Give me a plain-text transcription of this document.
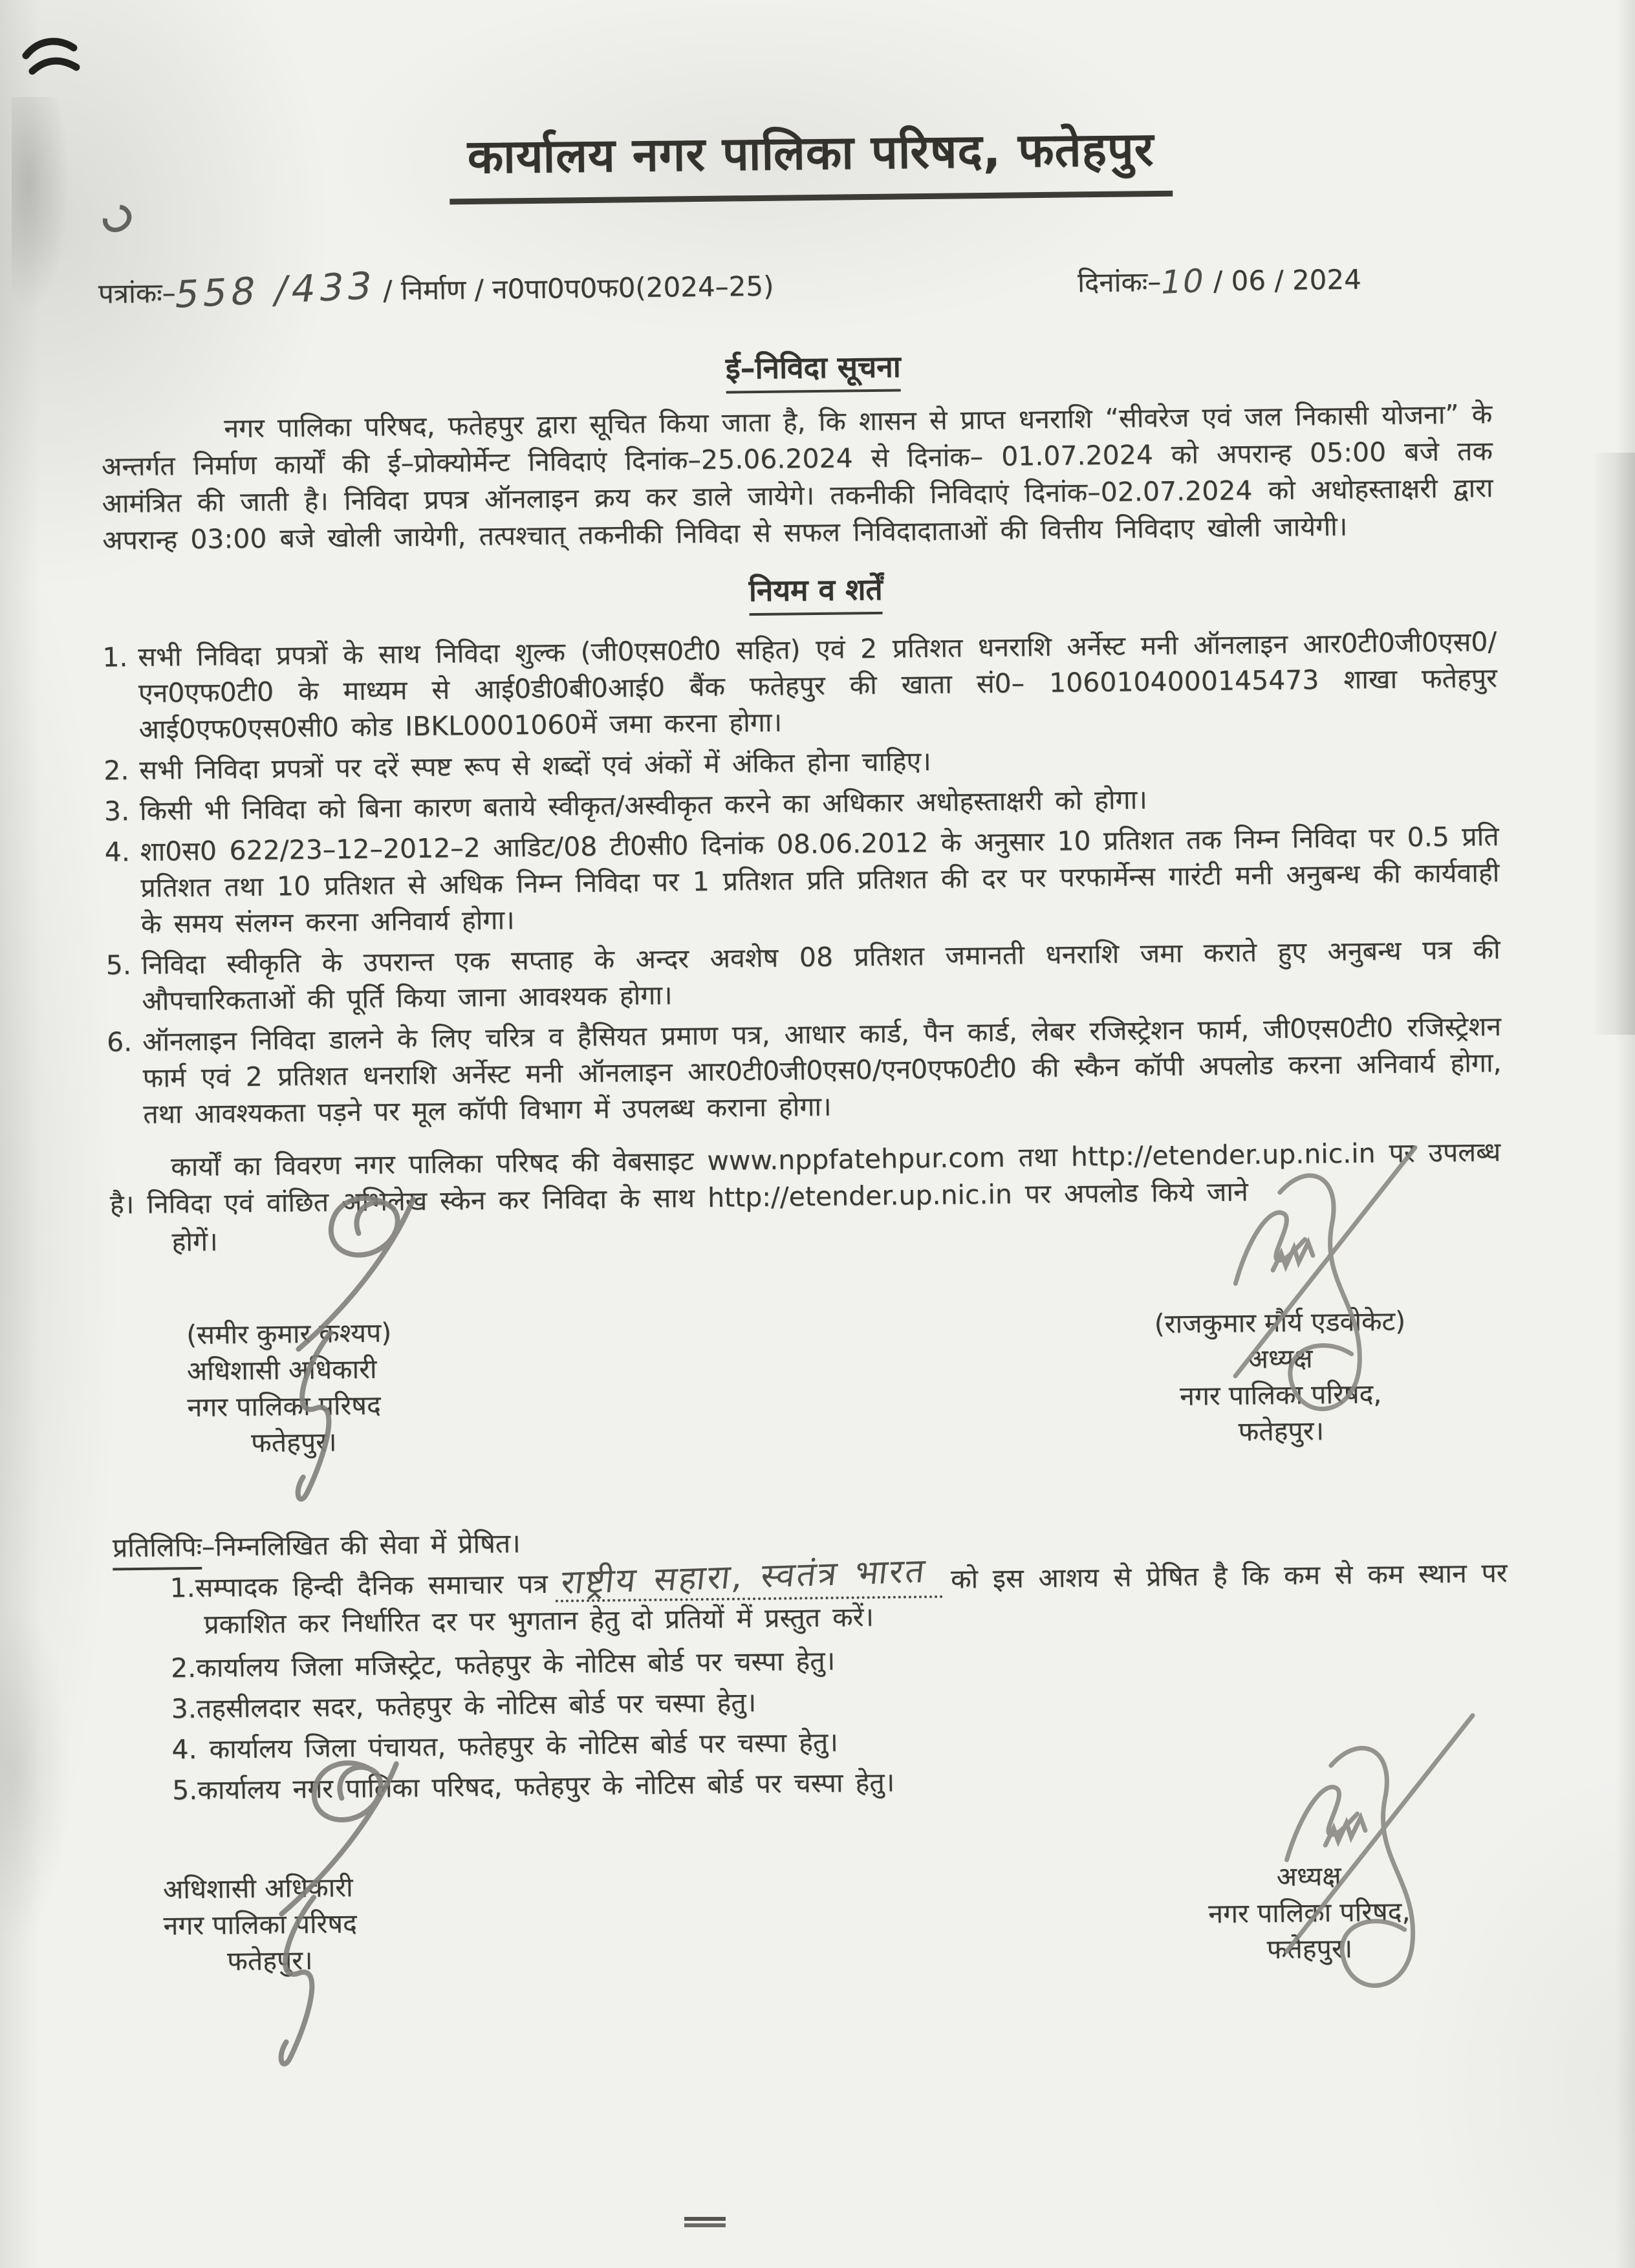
कार्यालय नगर पालिका परिषद, फतेहपुर
पत्रांकः–558 /433 / निर्माण / न0पा0प0फ0(2024–25)	दिनांकः–10 / 06 / 2024
ई–निविदा सूचना

नगर पालिका परिषद, फतेहपुर द्वारा सूचित किया जाता है, कि शासन से प्राप्त धनराशि “सीवरेज एवं जल निकासी योजना” के अन्तर्गत निर्माण कार्यों की ई–प्रोक्योर्मेन्ट निविदाएं दिनांक–25.06.2024 से दिनांक– 01.07.2024 को अपरान्ह 05:00 बजे तक आमंत्रित की जाती है। निविदा प्रपत्र ऑनलाइन क्रय कर डाले जायेगे। तकनीकी निविदाएं दिनांक–02.07.2024 को अधोहस्ताक्षरी द्वारा अपरान्ह 03:00 बजे खोली जायेगी, तत्पश्चात् तकनीकी निविदा से सफल निविदादाताओं की वित्तीय निविदाए खोली जायेगी।

नियम व शर्तें
1. सभी निविदा प्रपत्रों के साथ निविदा शुल्क (जी0एस0टी0 सहित) एवं 2 प्रतिशत धनराशि अर्नेस्ट मनी ऑनलाइन आर0टी0जी0एस0/एन0एफ0टी0 के माध्यम से आई0डी0बी0आई0 बैंक फतेहपुर की खाता सं0– 1060104000145473 शाखा फतेहपुर आई0एफ0एस0सी0 कोड IBKL0001060में जमा करना होगा।
2. सभी निविदा प्रपत्रों पर दरें स्पष्ट रूप से शब्दों एवं अंकों में अंकित होना चाहिए।
3. किसी भी निविदा को बिना कारण बताये स्वीकृत/अस्वीकृत करने का अधिकार अधोहस्ताक्षरी को होगा।
4. शा0स0 622/23–12–2012–2 आडिट/08 टी0सी0 दिनांक 08.06.2012 के अनुसार 10 प्रतिशत तक निम्न निविदा पर 0.5 प्रति प्रतिशत तथा 10 प्रतिशत से अधिक निम्न निविदा पर 1 प्रतिशत प्रति प्रतिशत की दर पर परफार्मेन्स गारंटी मनी अनुबन्ध की कार्यवाही के समय संलग्न करना अनिवार्य होगा।
5. निविदा स्वीकृति के उपरान्त एक सप्ताह के अन्दर अवशेष 08 प्रतिशत जमानती धनराशि जमा कराते हुए अनुबन्ध पत्र की औपचारिकताओं की पूर्ति किया जाना आवश्यक होगा।
6. ऑनलाइन निविदा डालने के लिए चरित्र व हैसियत प्रमाण पत्र, आधार कार्ड, पैन कार्ड, लेबर रजिस्ट्रेशन फार्म, जी0एस0टी0 रजिस्ट्रेशन फार्म एवं 2 प्रतिशत धनराशि अर्नेस्ट मनी ऑनलाइन आर0टी0जी0एस0/एन0एफ0टी0 की स्कैन कॉपी अपलोड करना अनिवार्य होगा, तथा आवश्यकता पड़ने पर मूल कॉपी विभाग में उपलब्ध कराना होगा।

कार्यों का विवरण नगर पालिका परिषद की वेबसाइट www.nppfatehpur.com तथा http://etender.up.nic.in पर उपलब्ध है। निविदा एवं वांछित अभिलेख स्केन कर निविदा के साथ http://etender.up.nic.in पर अपलोड किये जाने

होगें।

(समीर कुमार कश्यप)
अधिशासी अधिकारी
नगर पालिका परिषद
फतेहपुर।
(राजकुमार मौर्य एडवोकेट)
अध्यक्ष
नगर पालिका परिषद,
फतेहपुर।
प्रतिलिपिः–निम्नलिखित की सेवा में प्रेषित।
1.सम्पादक हिन्दी दैनिक समाचार पत्र राष्ट्रीय सहारा, स्वतंत्र भारत को इस आशय से प्रेषित है कि कम से कम स्थान पर प्रकाशित कर निर्धारित दर पर भुगतान हेतु दो प्रतियों में प्रस्तुत करें।
2.कार्यालय जिला मजिस्ट्रेट, फतेहपुर के नोटिस बोर्ड पर चस्पा हेतु।
3.तहसीलदार सदर, फतेहपुर के नोटिस बोर्ड पर चस्पा हेतु।
4. कार्यालय जिला पंचायत, फतेहपुर के नोटिस बोर्ड पर चस्पा हेतु।
5.कार्यालय नगर पालिका परिषद, फतेहपुर के नोटिस बोर्ड पर चस्पा हेतु।
अधिशासी अधिकारी
नगर पालिका परिषद
फतेहपुर।
अध्यक्ष
नगर पालिका परिषद,
फतेहपुर।
